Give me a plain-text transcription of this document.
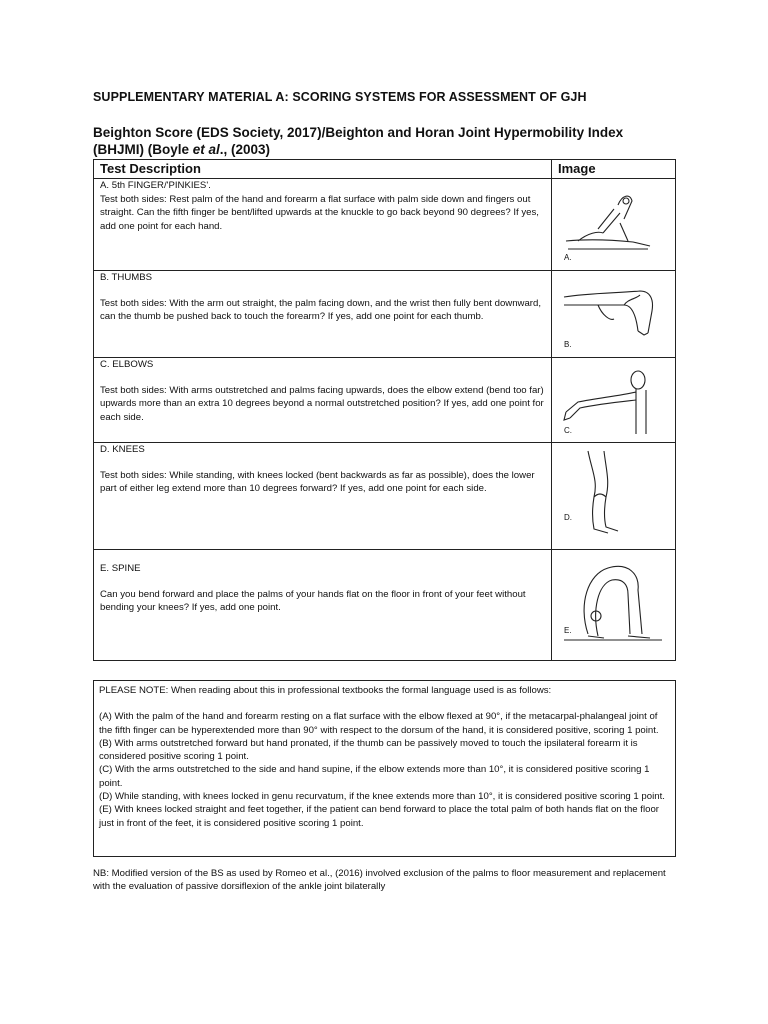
SUPPLEMENTARY MATERIAL A: SCORING SYSTEMS FOR ASSESSMENT OF GJH
Beighton Score (EDS Society, 2017)/Beighton and Horan Joint Hypermobility Index (BHJMI) (Boyle et al., (2003)
Test Description	Image
A. 5th FINGER/'PINKIES'.
Test both sides: Rest palm of the hand and forearm a flat surface with palm side down and fingers out straight. Can the fifth finger be bent/lifted upwards at the knuckle to go back beyond 90 degrees? If yes, add one point for each hand.
A.
B. THUMBS
Test both sides: With the arm out straight, the palm facing down, and the wrist then fully bent downward, can the thumb be pushed back to touch the forearm? If yes, add one point for each thumb.
B.
C. ELBOWS
Test both sides: With arms outstretched and palms facing upwards, does the elbow extend (bend too far) upwards more than an extra 10 degrees beyond a normal outstretched position? If yes, add one point for each side.
C.
D. KNEES
Test both sides: While standing, with knees locked (bent backwards as far as possible), does the lower part of either leg extend more than 10 degrees forward? If yes, add one point for each side.
D.
E. SPINE
Can you bend forward and place the palms of your hands flat on the floor in front of your feet without bending your knees? If yes, add one point.
E.

PLEASE NOTE: When reading about this in professional textbooks the formal language used is as follows:

(A) With the palm of the hand and forearm resting on a flat surface with the elbow flexed at 90°, if the metacarpal-phalangeal joint of the fifth finger can be hyperextended more than 90° with respect to the dorsum of the hand, it is considered positive, scoring 1 point.

(B) With arms outstretched forward but hand pronated, if the thumb can be passively moved to touch the ipsilateral forearm it is considered positive scoring 1 point.

(C) With the arms outstretched to the side and hand supine, if the elbow extends more than 10°, it is considered positive scoring 1 point.

(D) While standing, with knees locked in genu recurvatum, if the knee extends more than 10°, it is considered positive scoring 1 point.

(E) With knees locked straight and feet together, if the patient can bend forward to place the total palm of both hands flat on the floor just in front of the feet, it is considered positive scoring 1 point.

NB: Modified version of the BS as used by Romeo et al., (2016) involved exclusion of the palms to floor measurement and replacement with the evaluation of passive dorsiflexion of the ankle joint bilaterally
